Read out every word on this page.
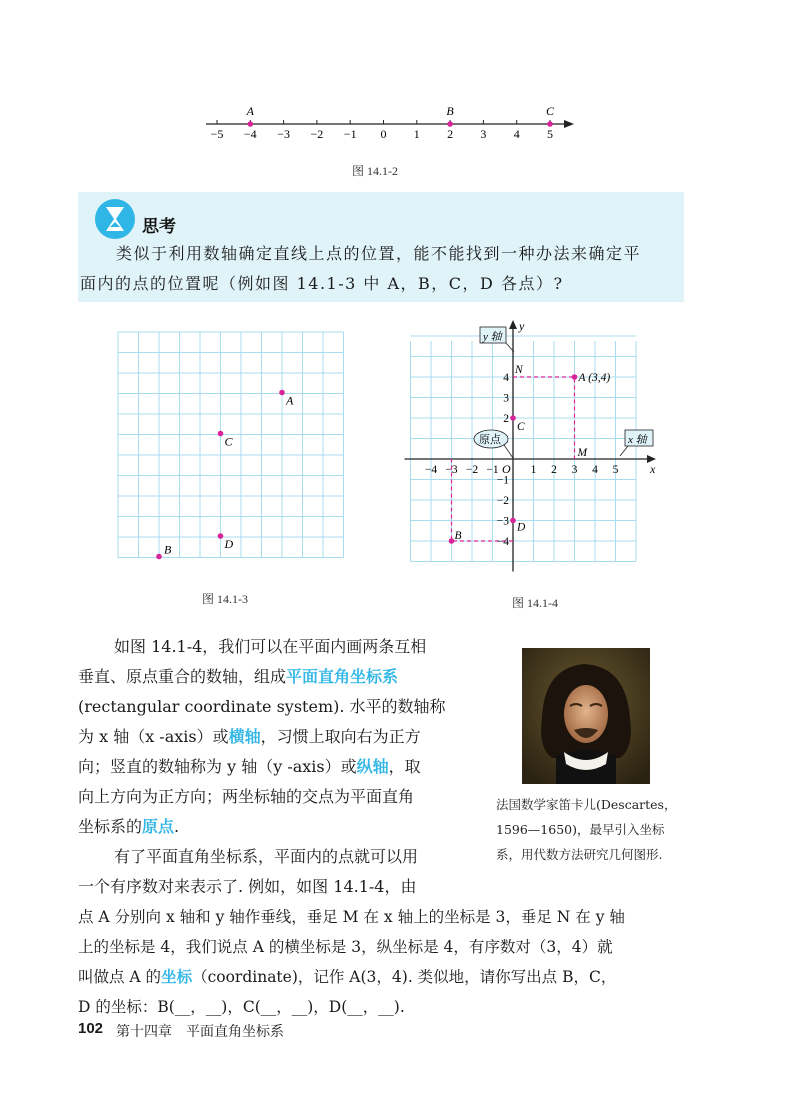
−5 −4 −3 −2 −1 0 1 2 3 4 5
A	B	C
图 14.1-2
思考
类似于利用数轴确定直线上点的位置，能不能找到一种办法来确定平
面内的点的位置呢（例如图 14.1-3 中 A，B，C，D 各点）?
A
C
D
B
图 14.1-3
x
y
O
−4 −3 −2 −1	1 2 3 4 5
4
3
2
−1
−2
−3
−4
A (3,4)
B
C
D
M
N
y 轴
x 轴
原点
图 14.1-4
如图 14.1-4，我们可以在平面内画两条互相
垂直、原点重合的数轴，组成平面直角坐标系
(rectangular coordinate system). 水平的数轴称
为 x 轴（x -axis）或横轴，习惯上取向右为正方
向；竖直的数轴称为 y 轴（y -axis）或纵轴，取
向上方向为正方向；两坐标轴的交点为平面直角
坐标系的原点.
有了平面直角坐标系，平面内的点就可以用
一个有序数对来表示了. 例如，如图 14.1-4，由
点 A 分别向 x 轴和 y 轴作垂线，垂足 M 在 x 轴上的坐标是 3，垂足 N 在 y 轴
上的坐标是 4，我们说点 A 的横坐标是 3，纵坐标是 4，有序数对（3，4）就
叫做点 A 的坐标（coordinate)，记作 A(3，4). 类似地，请你写出点 B，C，
D 的坐标：B(__，__)，C(__，__)，D(__，__).
法国数学家笛卡儿(Descartes，
1596—1650)，最早引入坐标
系，用代数方法研究几何图形.
102 第十四章　平面直角坐标系
